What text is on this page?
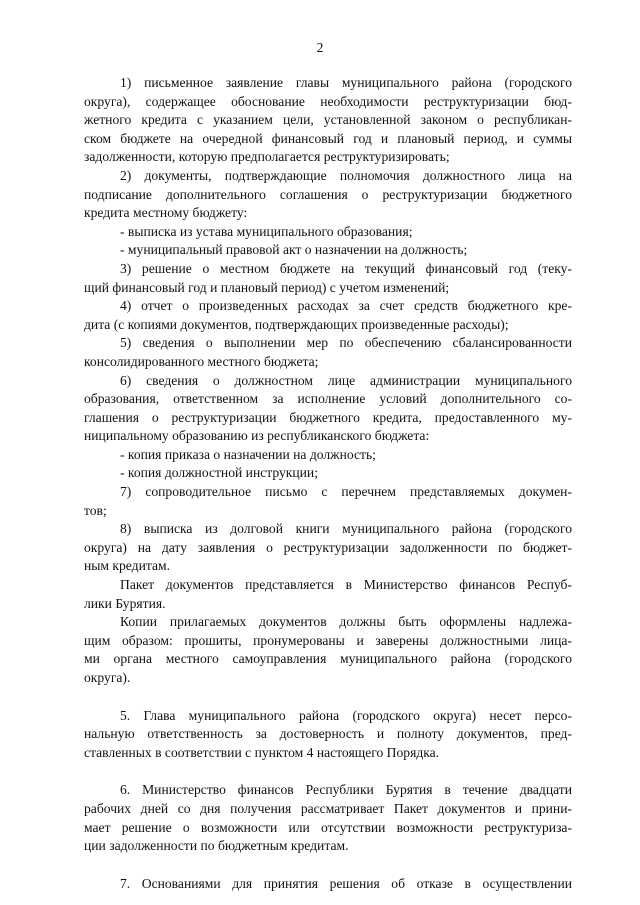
2
1) письменное заявление главы муниципального района (городского
округа), содержащее обоснование необходимости реструктуризации бюд-
жетного кредита с указанием цели, установленной законом о республикан-
ском бюджете на очередной финансовый год и плановый период, и суммы
задолженности, которую предполагается реструктуризировать;
2) документы, подтверждающие полномочия должностного лица на
подписание дополнительного соглашения о реструктуризации бюджетного
кредита местному бюджету:
- выписка из устава муниципального образования;
- муниципальный правовой акт о назначении на должность;
3) решение о местном бюджете на текущий финансовый год (теку-
щий финансовый год и плановый период) с учетом изменений;
4) отчет о произведенных расходах за счет средств бюджетного кре-
дита (с копиями документов, подтверждающих произведенные расходы);
5) сведения о выполнении мер по обеспечению сбалансированности
консолидированного местного бюджета;
6) сведения о должностном лице администрации муниципального
образования, ответственном за исполнение условий дополнительного со-
глашения о реструктуризации бюджетного кредита, предоставленного му-
ниципальному образованию из республиканского бюджета:
- копия приказа о назначении на должность;
- копия должностной инструкции;
7) сопроводительное письмо с перечнем представляемых докумен-
тов;
8) выписка из долговой книги муниципального района (городского
округа) на дату заявления о реструктуризации задолженности по бюджет-
ным кредитам.
Пакет документов представляется в Министерство финансов Респуб-
лики Бурятия.
Копии прилагаемых документов должны быть оформлены надлежа-
щим образом: прошиты, пронумерованы и заверены должностными лица-
ми органа местного самоуправления муниципального района (городского
округа).
5. Глава муниципального района (городского округа) несет персо-
нальную ответственность за достоверность и полноту документов, пред-
ставленных в соответствии с пунктом 4 настоящего Порядка.
6. Министерство финансов Республики Бурятия в течение двадцати
рабочих дней со дня получения рассматривает Пакет документов и прини-
мает решение о возможности или отсутствии возможности реструктуриза-
ции задолженности по бюджетным кредитам.
7. Основаниями для принятия решения об отказе в осуществлении
